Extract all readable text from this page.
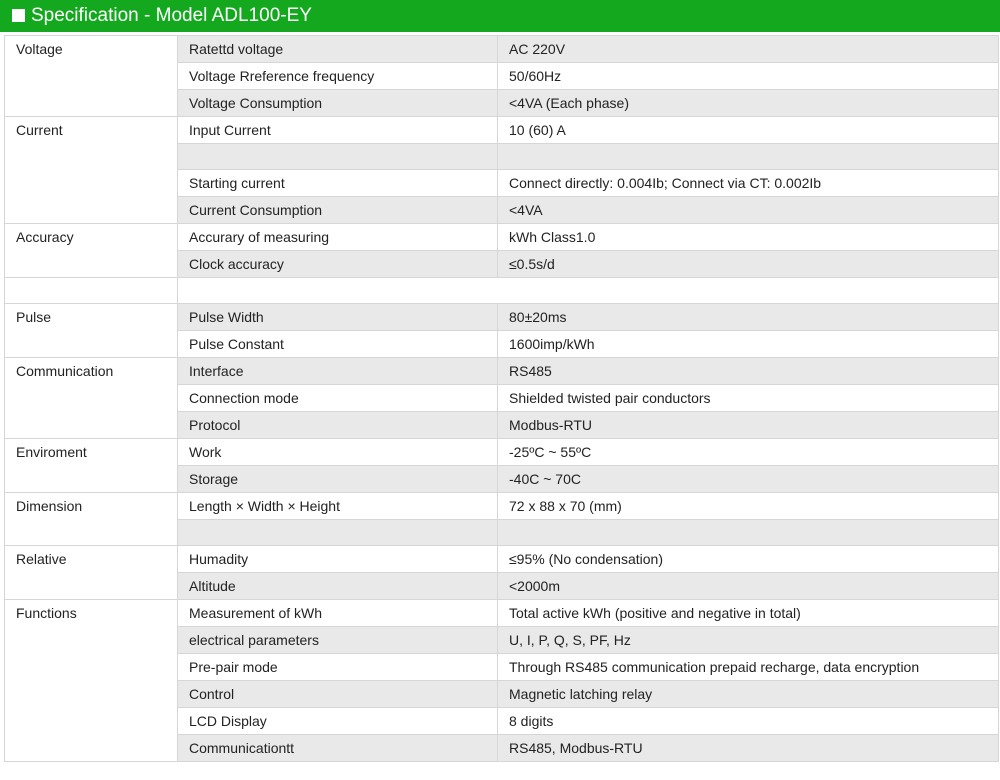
Specification - Model ADL100-EY
Voltage	Ratettd voltage	AC 220V
	Voltage Rreference frequency	50/60Hz
	Voltage Consumption	<4VA (Each phase)
Current	Input Current	10 (60) A

	Starting current	Connect directly: 0.004Ib; Connect via CT: 0.002Ib
	Current Consumption	<4VA
Accuracy	Accurary of measuring	kWh Class1.0
	Clock accuracy	≤0.5s/d

Pulse	Pulse Width	80±20ms
	Pulse Constant	1600imp/kWh
Communication	Interface	RS485
	Connection mode	Shielded twisted pair conductors
	Protocol	Modbus-RTU
Enviroment	Work	-25ºC ~ 55ºC
	Storage	-40C ~ 70C
Dimension	Length × Width × Height	72 x 88 x 70 (mm)

Relative	Humadity	≤95% (No condensation)
	Altitude	<2000m
Functions	Measurement of kWh	Total active kWh (positive and negative in total)
	electrical parameters	U, I, P, Q, S, PF, Hz
	Pre-pair mode	Through RS485 communication prepaid recharge, data encryption
	Control	Magnetic latching relay
	LCD Display	8 digits
	Communicationtt	RS485, Modbus-RTU
